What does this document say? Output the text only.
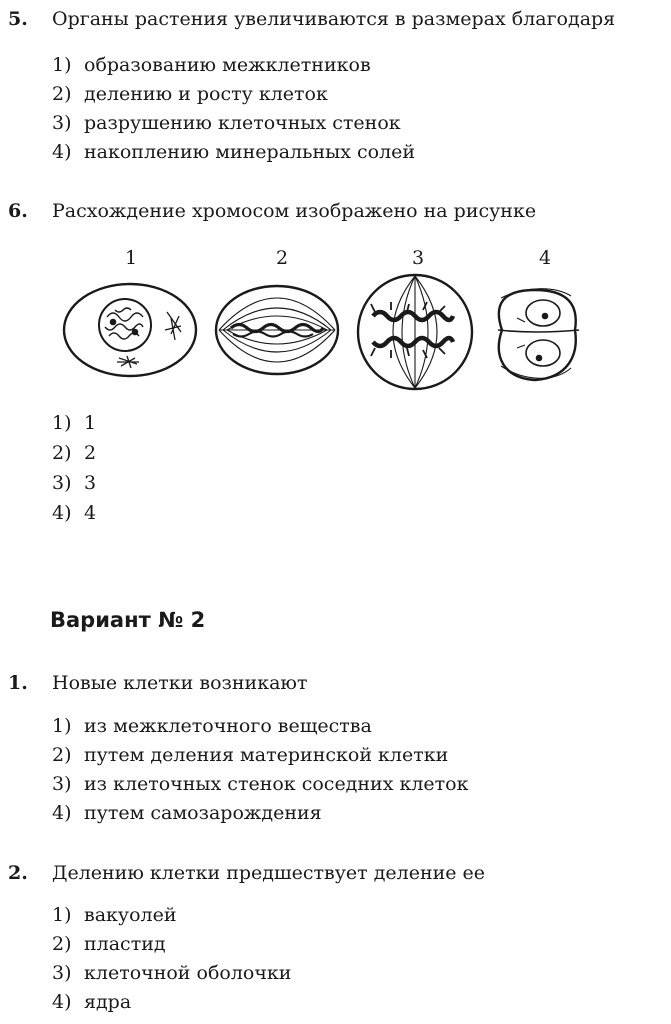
5. Органы растения увеличиваются в размерах благодаря
1) образованию межклетников
2) делению и росту клеток
3) разрушению клеточных стенок
4) накоплению минеральных солей
6. Расхождение хромосом изображено на рисунке
1	2	3	4
1) 1
2) 2
3) 3
4) 4
Вариант № 2
1. Новые клетки возникают
1) из межклеточного вещества
2) путем деления материнской клетки
3) из клеточных стенок соседних клеток
4) путем самозарождения
2. Делению клетки предшествует деление ее
1) вакуолей
2) пластид
3) клеточной оболочки
4) ядра
